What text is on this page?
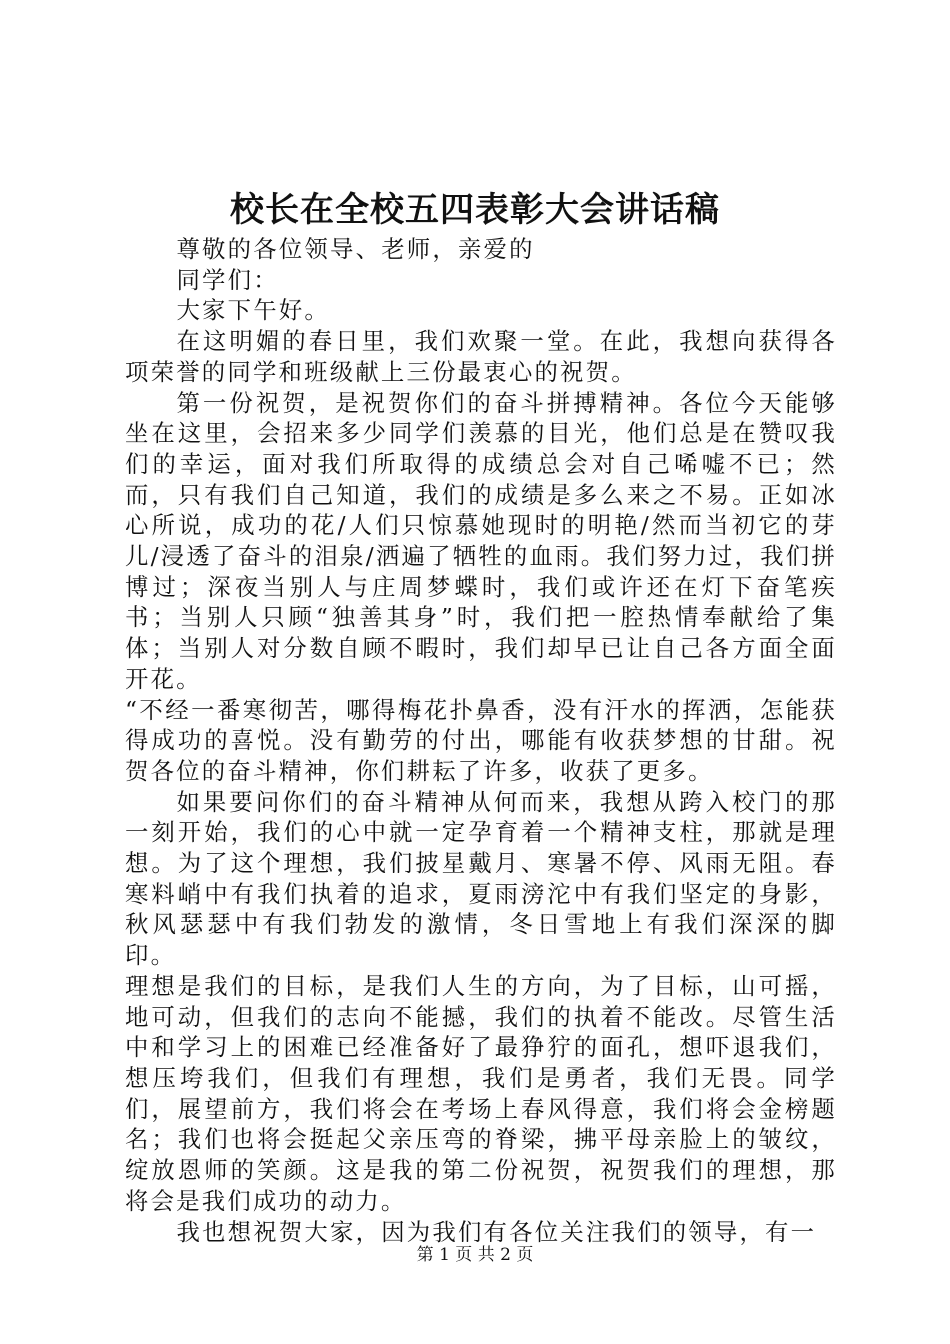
校长在全校五四表彰大会讲话稿

尊敬的各位领导、老师，亲爱的

同学们：

大家下午好。

在这明媚的春日里，我们欢聚一堂。在此，我想向获得各项荣誉的同学和班级献上三份最衷心的祝贺。

第一份祝贺，是祝贺你们的奋斗拼搏精神。各位今天能够坐在这里，会招来多少同学们羡慕的目光，他们总是在赞叹我们的幸运，面对我们所取得的成绩总会对自己唏嘘不已；然而，只有我们自己知道，我们的成绩是多么来之不易。正如冰心所说，成功的花/人们只惊慕她现时的明艳/然而当初它的芽儿/浸透了奋斗的泪泉/洒遍了牺牲的血雨。我们努力过，我们拼博过；深夜当别人与庄周梦蝶时，我们或许还在灯下奋笔疾书；当别人只顾“独善其身”时，我们把一腔热情奉献给了集体；当别人对分数自顾不暇时，我们却早已让自己各方面全面开花。
“不经一番寒彻苦，哪得梅花扑鼻香，没有汗水的挥洒，怎能获得成功的喜悦。没有勤劳的付出，哪能有收获梦想的甘甜。祝贺各位的奋斗精神，你们耕耘了许多，收获了更多。

如果要问你们的奋斗精神从何而来，我想从跨入校门的那一刻开始，我们的心中就一定孕育着一个精神支柱，那就是理想。为了这个理想，我们披星戴月、寒暑不停、风雨无阻。春寒料峭中有我们执着的追求，夏雨滂沱中有我们坚定的身影，秋风瑟瑟中有我们勃发的激情，冬日雪地上有我们深深的脚印。
理想是我们的目标，是我们人生的方向，为了目标，山可摇，地可动，但我们的志向不能撼，我们的执着不能改。尽管生活中和学习上的困难已经准备好了最狰狞的面孔，想吓退我们，想压垮我们，但我们有理想，我们是勇者，我们无畏。同学们，展望前方，我们将会在考场上春风得意，我们将会金榜题名；我们也将会挺起父亲压弯的脊梁，拂平母亲脸上的皱纹，绽放恩师的笑颜。这是我的第二份祝贺，祝贺我们的理想，那将会是我们成功的动力。

我也想祝贺大家，因为我们有各位关注我们的领导，有一

第 1 页 共 2 页
